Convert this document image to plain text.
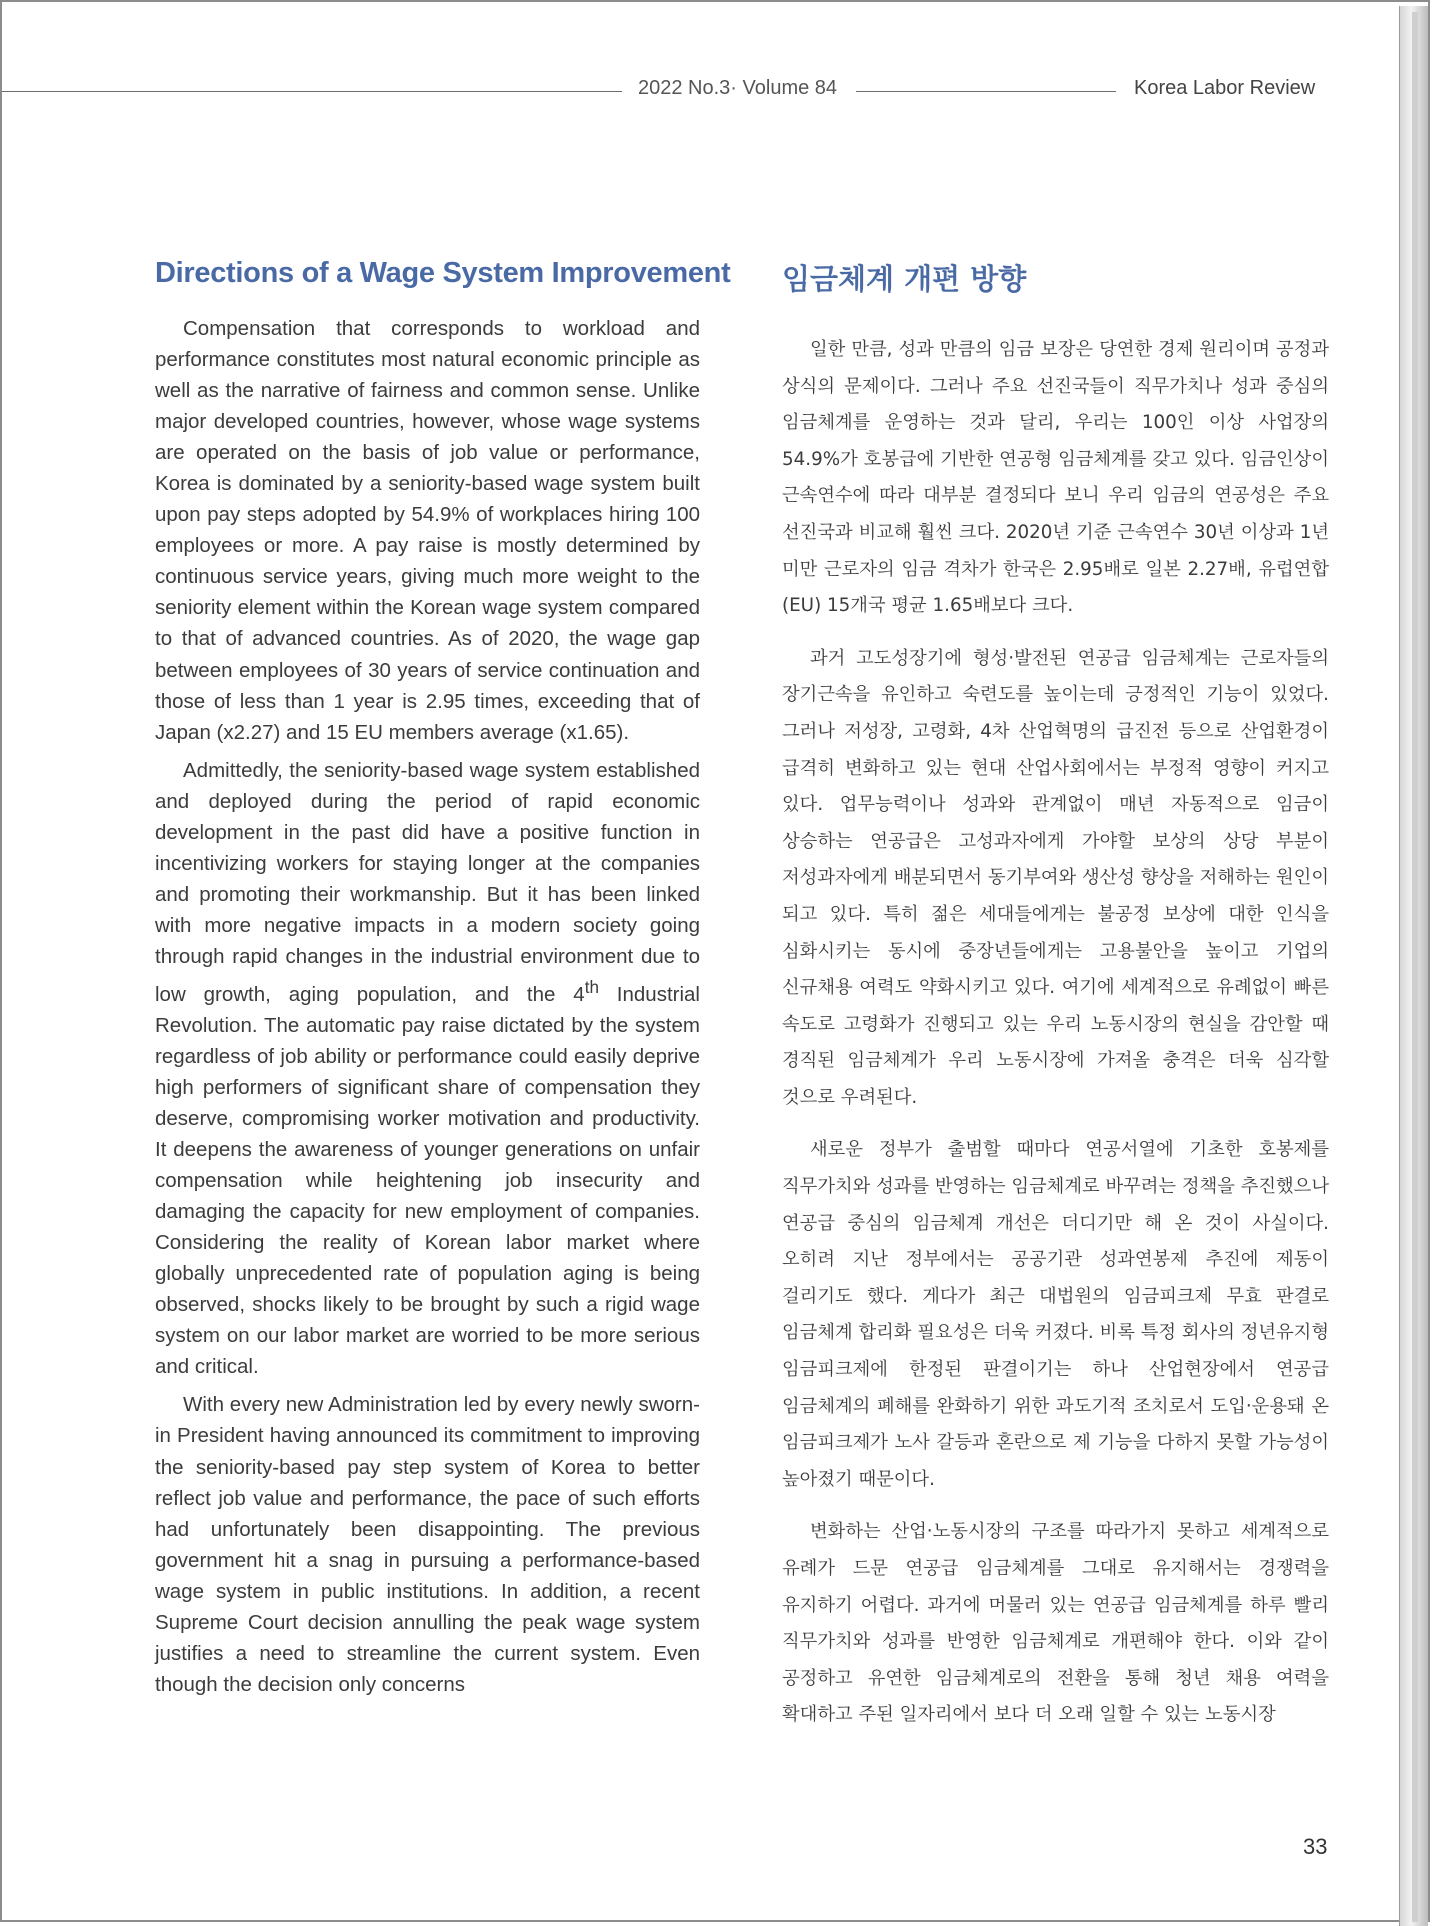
2022 No.3· Volume 84	Korea Labor Review
Directions of a Wage System Improvement

Compensation that corresponds to workload and performance constitutes most natural economic principle as well as the narrative of fairness and common sense. Unlike major developed countries, however, whose wage systems are operated on the basis of job value or performance, Korea is dominated by a seniority-based wage system built upon pay steps adopted by 54.9% of workplaces hiring 100 employees or more. A pay raise is mostly determined by continuous service years, giving much more weight to the seniority element within the Korean wage system compared to that of advanced countries. As of 2020, the wage gap between employees of 30 years of service continuation and those of less than 1 year is 2.95 times, exceeding that of Japan (x2.27) and 15 EU members average (x1.65).

Admittedly, the seniority-based wage system established and deployed during the period of rapid economic development in the past did have a positive function in incentivizing workers for staying longer at the companies and promoting their workmanship. But it has been linked with more negative impacts in a modern society going through rapid changes in the industrial environment due to low growth, aging population, and the 4th Industrial Revolution. The automatic pay raise dictated by the system regardless of job ability or performance could easily deprive high performers of significant share of compensation they deserve, compromising worker motivation and productivity. It deepens the awareness of younger generations on unfair compensation while heightening job insecurity and damaging the capacity for new employment of companies. Considering the reality of Korean labor market where globally unprecedented rate of population aging is being observed, shocks likely to be brought by such a rigid wage system on our labor market are worried to be more serious and critical.

With every new Administration led by every newly sworn-in President having announced its commitment to improving the seniority-based pay step system of Korea to better reflect job value and performance, the pace of such efforts had unfortunately been disappointing. The previous government hit a snag in pursuing a performance-based wage system in public institutions. In addition, a recent Supreme Court decision annulling the peak wage system justifies a need to streamline the current system. Even though the decision only concerns

임금체계 개편 방향

일한 만큼, 성과 만큼의 임금 보장은 당연한 경제 원리이며 공정과 상식의 문제이다. 그러나 주요 선진국들이 직무가치나 성과 중심의 임금체계를 운영하는 것과 달리, 우리는 100인 이상 사업장의 54.9%가 호봉급에 기반한 연공형 임금체계를 갖고 있다. 임금인상이 근속연수에 따라 대부분 결정되다 보니 우리 임금의 연공성은 주요 선진국과 비교해 훨씬 크다. 2020년 기준 근속연수 30년 이상과 1년 미만 근로자의 임금 격차가 한국은 2.95배로 일본 2.27배, 유럽연합(EU) 15개국 평균 1.65배보다 크다.

과거 고도성장기에 형성·발전된 연공급 임금체계는 근로자들의 장기근속을 유인하고 숙련도를 높이는데 긍정적인 기능이 있었다. 그러나 저성장, 고령화, 4차 산업혁명의 급진전 등으로 산업환경이 급격히 변화하고 있는 현대 산업사회에서는 부정적 영향이 커지고 있다. 업무능력이나 성과와 관계없이 매년 자동적으로 임금이 상승하는 연공급은 고성과자에게 가야할 보상의 상당 부분이 저성과자에게 배분되면서 동기부여와 생산성 향상을 저해하는 원인이 되고 있다. 특히 젊은 세대들에게는 불공정 보상에 대한 인식을 심화시키는 동시에 중장년들에게는 고용불안을 높이고 기업의 신규채용 여력도 약화시키고 있다. 여기에 세계적으로 유례없이 빠른 속도로 고령화가 진행되고 있는 우리 노동시장의 현실을 감안할 때 경직된 임금체계가 우리 노동시장에 가져올 충격은 더욱 심각할 것으로 우려된다.

새로운 정부가 출범할 때마다 연공서열에 기초한 호봉제를 직무가치와 성과를 반영하는 임금체계로 바꾸려는 정책을 추진했으나 연공급 중심의 임금체계 개선은 더디기만 해 온 것이 사실이다. 오히려 지난 정부에서는 공공기관 성과연봉제 추진에 제동이 걸리기도 했다. 게다가 최근 대법원의 임금피크제 무효 판결로 임금체계 합리화 필요성은 더욱 커졌다. 비록 특정 회사의 정년유지형 임금피크제에 한정된 판결이기는 하나 산업현장에서 연공급 임금체계의 폐해를 완화하기 위한 과도기적 조치로서 도입·운용돼 온 임금피크제가 노사 갈등과 혼란으로 제 기능을 다하지 못할 가능성이 높아졌기 때문이다.

변화하는 산업·노동시장의 구조를 따라가지 못하고 세계적으로 유례가 드문 연공급 임금체계를 그대로 유지해서는 경쟁력을 유지하기 어렵다. 과거에 머물러 있는 연공급 임금체계를 하루 빨리 직무가치와 성과를 반영한 임금체계로 개편해야 한다. 이와 같이 공정하고 유연한 임금체계로의 전환을 통해 청년 채용 여력을 확대하고 주된 일자리에서 보다 더 오래 일할 수 있는 노동시장

33
